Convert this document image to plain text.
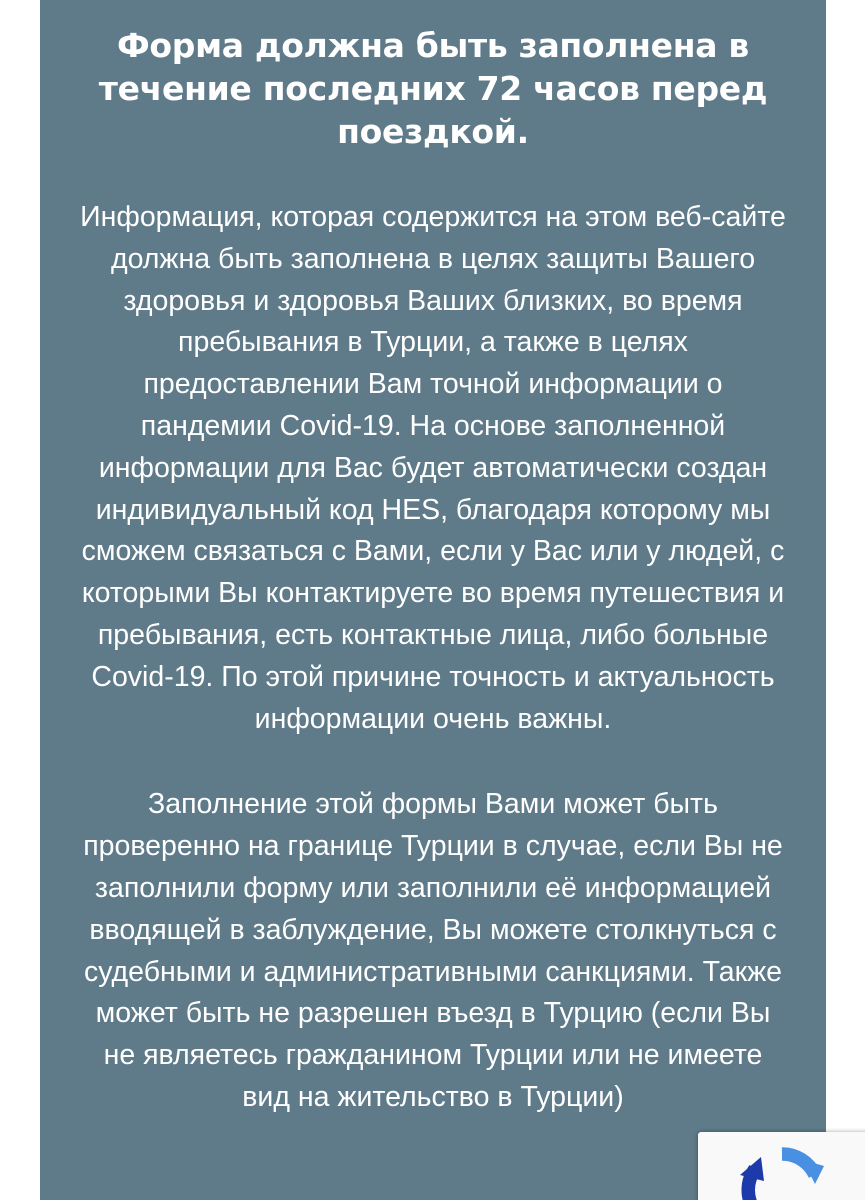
Форма должна быть заполнена в течение последних 72 часов перед поездкой.

Информация, которая содержится на этом веб-сайте должна быть заполнена в целях защиты Вашего здоровья и здоровья Ваших близких, во время пребывания в Турции, а также в целях предоставлении Вам точной информации о пандемии Covid-19. На основе заполненной информации для Вас будет автоматически создан индивидуальный код HES, благодаря которому мы сможем связаться с Вами, если у Вас или у людей, с которыми Вы контактируете во время путешествия и пребывания, есть контактные лица, либо больные Covid-19. По этой причине точность и актуальность информации очень важны.

Заполнение этой формы Вами может быть проверенно на границе Турции в случае, если Вы не заполнили форму или заполнили её информацией вводящей в заблуждение, Вы можете столкнуться с судебными и административными санкциями. Также может быть не разрешен въезд в Турцию (если Вы не являетесь гражданином Турции или не имеете вид на жительство в Турции)
